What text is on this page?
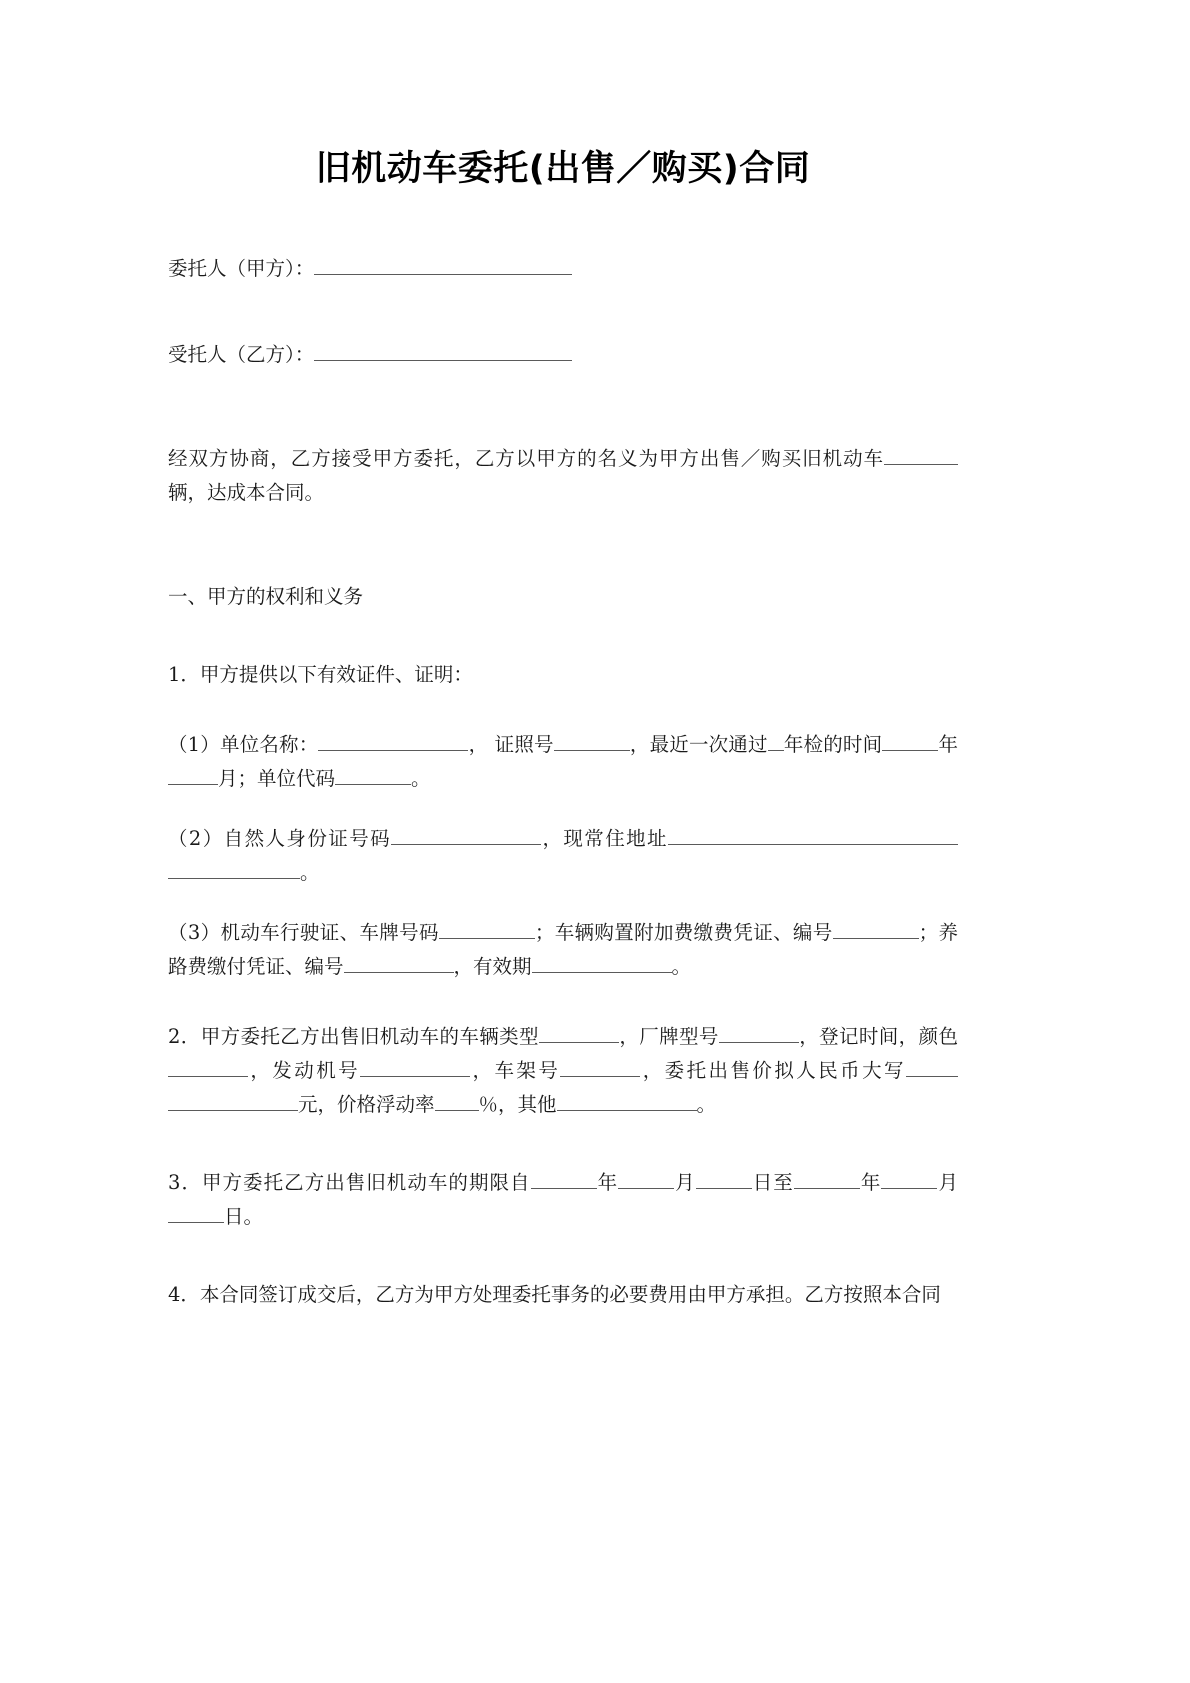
旧机动车委托(出售／购买)合同

委托人（甲方）：

受托人（乙方）：

经双方协商，乙方接受甲方委托，乙方以甲方的名义为甲方出售／购买旧机动车辆，达成本合同。

一、甲方的权利和义务

1．甲方提供以下有效证件、证明：

（1）单位名称：	， 证照号	，最近一次通过 年检的时间	年月；单位代码	。

（2）自然人身份证号码	，现常住地址。

（3）机动车行驶证、车牌号码	；车辆购置附加费缴费凭证、编号	；养路费缴付凭证、编号	，有效期	。

2．甲方委托乙方出售旧机动车的车辆类型	，厂牌型号	，登记时间，颜色，发动机号	，车架号	，委托出售价拟人民币大写元，价格浮动率 ％，其他	。

3．甲方委托乙方出售旧机动车的期限自	年	月	日至	年	月日。

4．本合同签订成交后，乙方为甲方处理委托事务的必要费用由甲方承担。乙方按照本合同
